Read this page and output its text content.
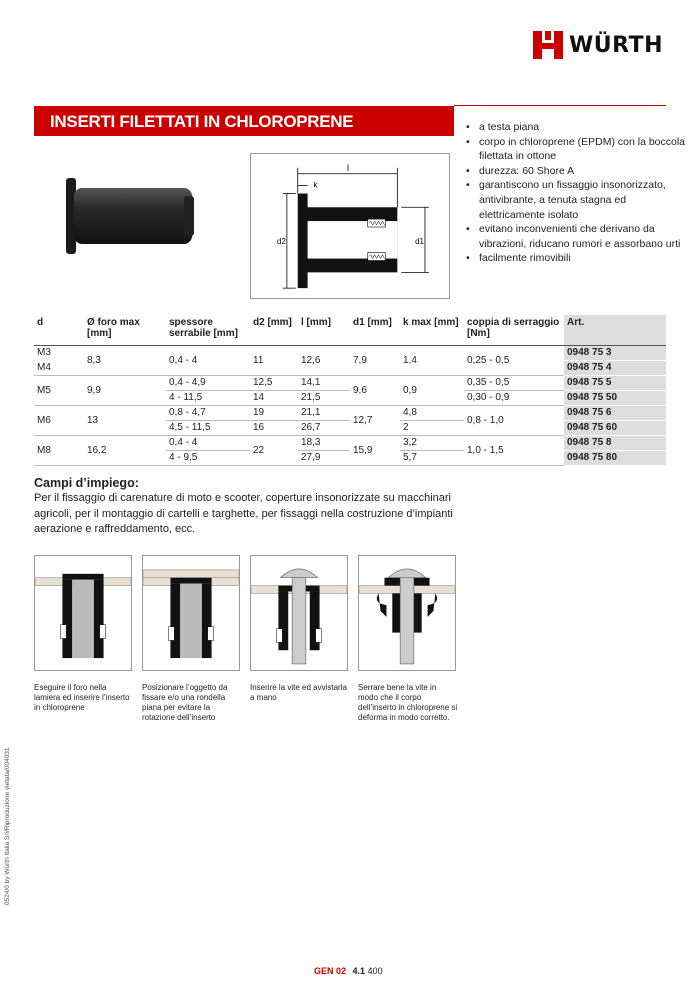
WÜRTH
INSERTI FILETTATI IN CHLOROPRENE	• a testa piana
• corpo in chloroprene (EPDM) con la boccola filettata in ottone
• durezza: 60 Shore A
• garantiscono un fissaggio insonorizzato, antivibrante, a tenuta stagna ed elettricamente isolato
• evitano inconvenienti che derivano da vibrazioni, riducano rumori e assorbano urti
• facilmente rimovibili
l
k
d2	d1
d	Ø foro max [mm]	spessore serrabile [mm]	d2 [mm]	l [mm]	d1 [mm]	k max [mm]	coppia di serraggio [Nm]	Art.
M3	8,3	0,4 - 4	11	12,6	7,9	1,4	0,25 - 0,5	0948 75 3
M4								0948 75 4
M5	9,9	0,4 - 4,9	12,5	14,1	9,6	0,9	0,35 - 0,5	0948 75 5
		4 - 11,5	14	21,5			0,30 - 0,9	0948 75 50
M6	13	0,8 - 4,7	19	21,1	12,7	4,8	0,8 - 1,0	0948 75 6
		4,5 - 11,5	16	26,7		2		0948 75 60
M8	16,2	0,4 - 4	22	18,3	15,9	3,2	1,0 - 1,5	0948 75 8
		4 - 9,5		27,9		5,7		0948 75 80
Campi d’impiego:
Per il fissaggio di carenature di moto e scooter, coperture insonorizzate su macchinari agricoli, per il montaggio di cartelli e targhette, per fissaggi nella costruzione d’impianti aerazione e raffreddamento, ecc.
Eseguire il foro nella lamiera ed inserire l’inserto in chloroprene
Posizionare l’oggetto da fissare e/o una rondella piana per evitare la rotazione dell’inserto
Inserire la vite ed avvistarla a mano
Serrare bene la vite in modo che il corpo dell’inserto in chloroprene si deforma in modo corretto.
0524/0 by Würth Italia Srl/Riproduzione vietata/004031
GEN 02 4.1 400
